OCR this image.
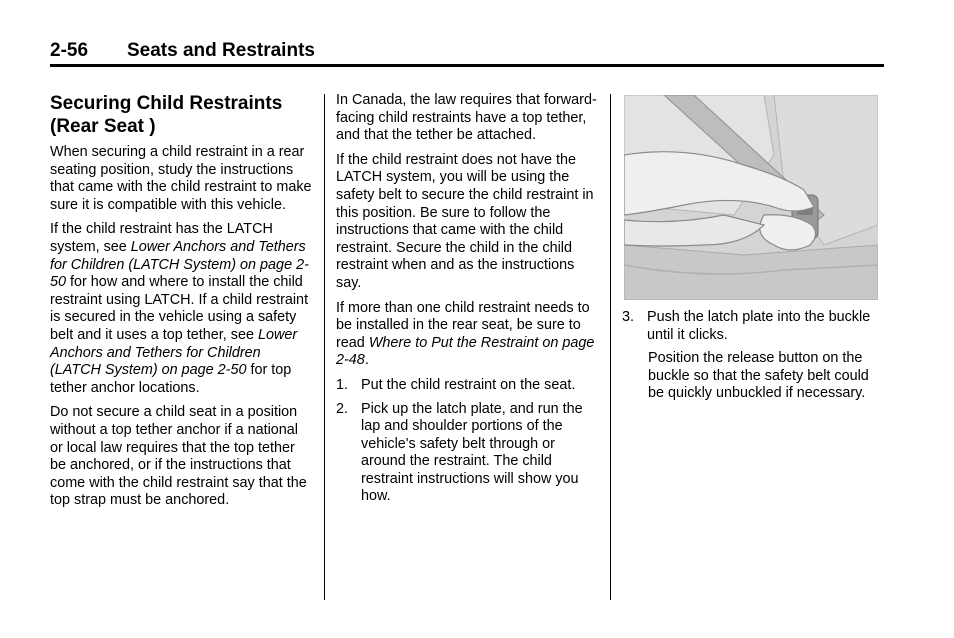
2-56 Seats and Restraints
Securing Child Restraints (Rear Seat )

When securing a child restraint in a rear seating position, study the instructions that came with the child restraint to make sure it is compatible with this vehicle.

If the child restraint has the LATCH system, see Lower Anchors and Tethers for Children (LATCH System) on page 2-50 for how and where to install the child restraint using LATCH. If a child restraint is secured in the vehicle using a safety belt and it uses a top tether, see Lower Anchors and Tethers for Children (LATCH System) on page 2-50 for top tether anchor locations.

Do not secure a child seat in a position without a top tether anchor if a national or local law requires that the top tether be anchored, or if the instructions that come with the child restraint say that the top strap must be anchored.

In Canada, the law requires that forward-facing child restraints have a top tether, and that the tether be attached.

If the child restraint does not have the LATCH system, you will be using the safety belt to secure the child restraint in this position. Be sure to follow the instructions that came with the child restraint. Secure the child in the child restraint when and as the instructions say.

If more than one child restraint needs to be installed in the rear seat, be sure to read Where to Put the Restraint on page 2-48.

1. Put the child restraint on the seat.
2. Pick up the latch plate, and run the lap and shoulder portions of the vehicle's safety belt through or around the restraint. The child restraint instructions will show you how.
3. Push the latch plate into the buckle until it clicks.

Position the release button on the buckle so that the safety belt could be quickly unbuckled if necessary.
